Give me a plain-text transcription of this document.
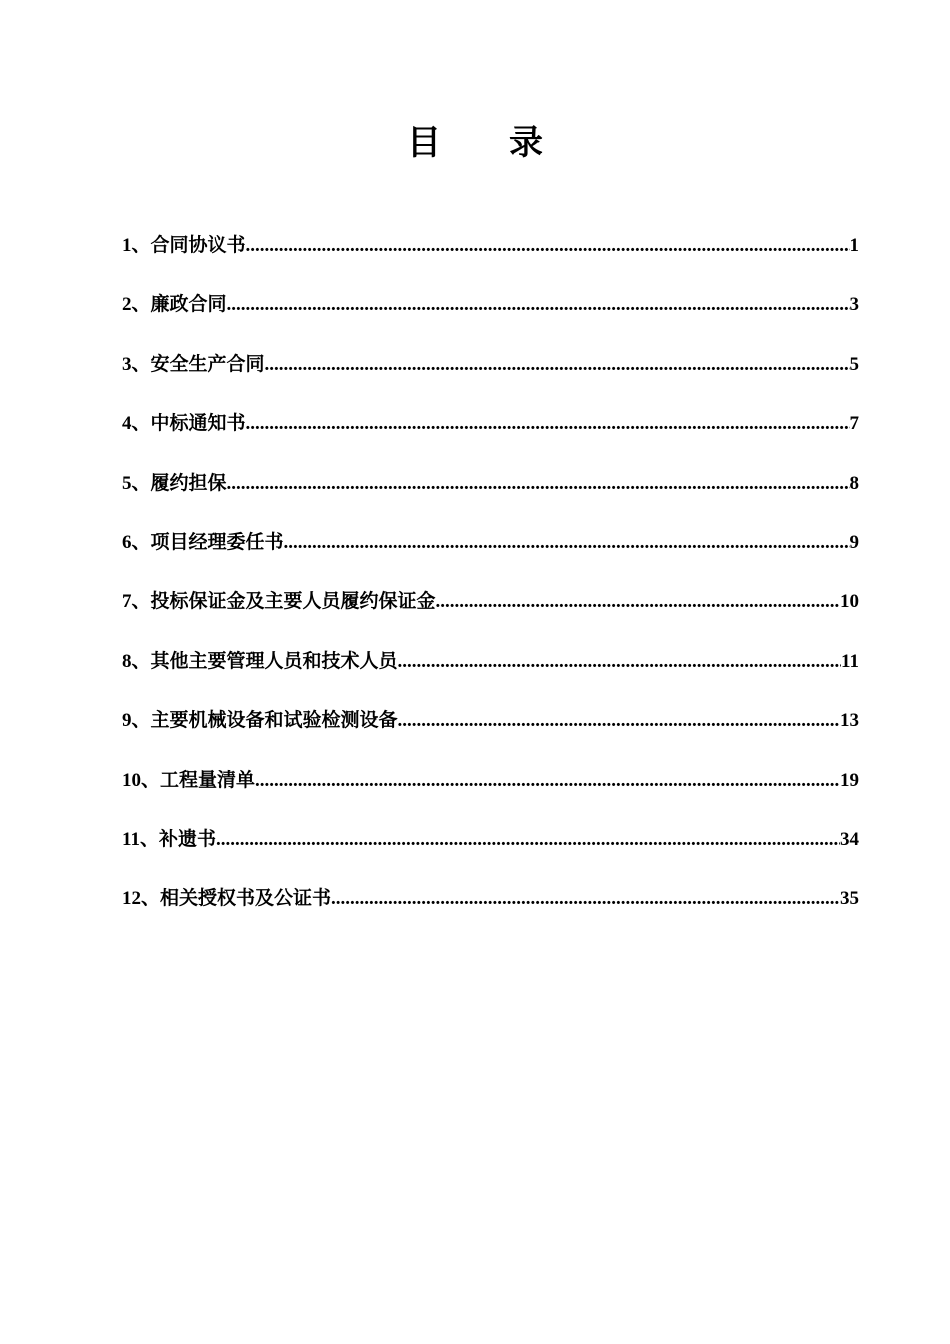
目　　录
1、合同协议书 .....	1
2、廉政合同 .....	3
3、安全生产合同 .....	5
4、中标通知书 .....	7
5、履约担保 .....	8
6、项目经理委任书 .....	9
7、投标保证金及主要人员履约保证金 .....	10
8、其他主要管理人员和技术人员 .....	11
9、主要机械设备和试验检测设备 .....	13
10、工程量清单 .....	19
11、补遗书 .....	34
12、相关授权书及公证书 .....	35
